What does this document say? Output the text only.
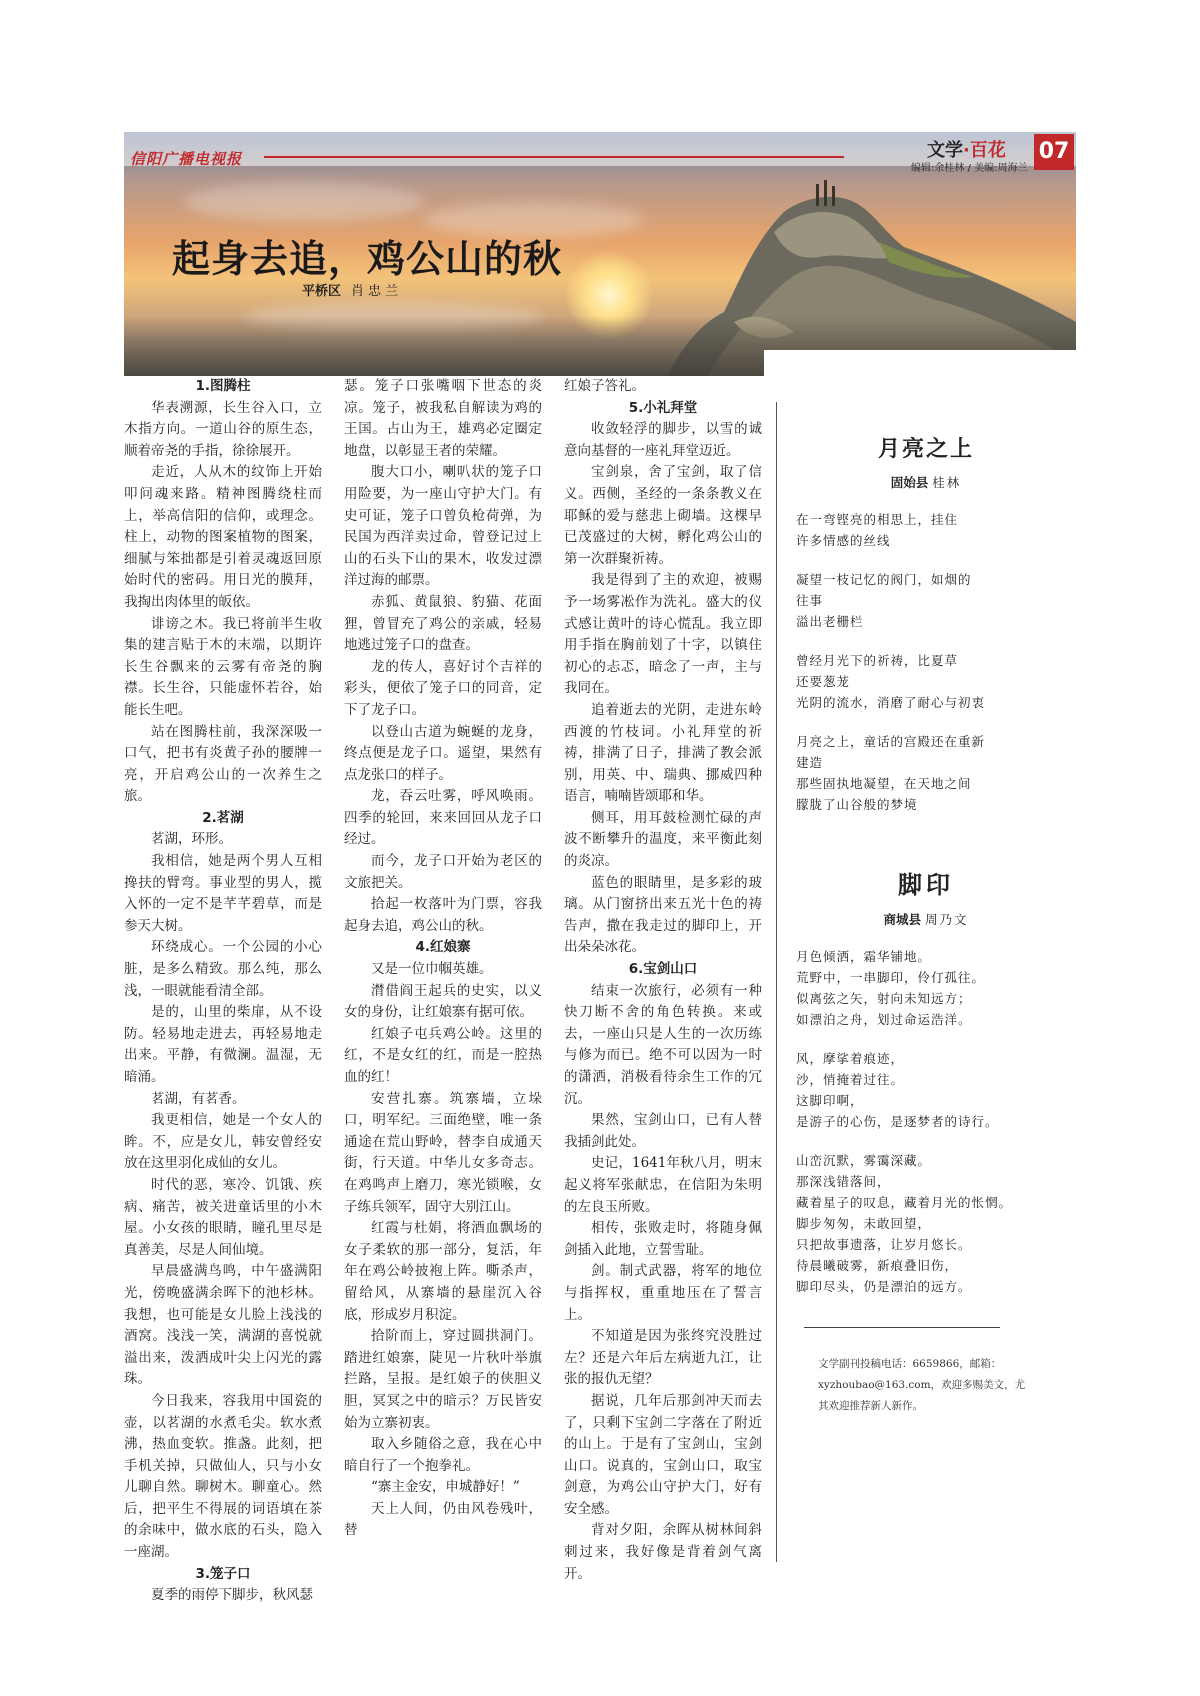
信阳广播电视报	文学·百花
编辑:余桂林 / 美编:周海兰
07
起身去追，鸡公山的秋
平桥区 肖忠兰
1.图腾柱

华表溯源，长生谷入口，立木指方向。一道山谷的原生态，顺着帝尧的手指，徐徐展开。

走近，人从木的纹饰上开始叩问魂来路。精神图腾绕柱而上，举高信阳的信仰，或理念。柱上，动物的图案植物的图案，细腻与笨拙都是引着灵魂返回原始时代的密码。用日光的膜拜，我掏出肉体里的皈依。

诽谤之木。我已将前半生收集的建言贴于木的末端，以期许长生谷飘来的云雾有帝尧的胸襟。长生谷，只能虚怀若谷，始能长生吧。

站在图腾柱前，我深深吸一口气，把书有炎黄子孙的腰牌一亮，开启鸡公山的一次养生之旅。

2.茗湖

茗湖，环形。

我相信，她是两个男人互相搀扶的臂弯。事业型的男人，揽入怀的一定不是芊芊碧草，而是参天大树。

环绕成心。一个公园的小心脏，是多么精致。那么纯，那么浅，一眼就能看清全部。

是的，山里的柴扉，从不设防。轻易地走进去，再轻易地走出来。平静，有微澜。温湿，无暗涌。

茗湖，有茗香。

我更相信，她是一个女人的眸。不，应是女儿，韩安曾经安放在这里羽化成仙的女儿。

时代的恶，寒冷、饥饿、疾病、痛苦，被关进童话里的小木屋。小女孩的眼睛，瞳孔里尽是真善美，尽是人间仙境。

早晨盛满鸟鸣，中午盛满阳光，傍晚盛满余晖下的池杉林。我想，也可能是女儿脸上浅浅的酒窝。浅浅一笑，满湖的喜悦就溢出来，泼洒成叶尖上闪光的露珠。

今日我来，容我用中国瓷的壶，以茗湖的水煮毛尖。软水煮沸，热血变软。推盏。此刻，把手机关掉，只做仙人，只与小女儿聊自然。聊树木。聊童心。然后，把平生不得展的词语填在茶的余味中，做水底的石头，隐入一座湖。

3.笼子口

夏季的雨停下脚步，秋风瑟

瑟。笼子口张嘴咽下世态的炎凉。笼子，被我私自解读为鸡的王国。占山为王，雄鸡必定圈定地盘，以彰显王者的荣耀。

腹大口小，喇叭状的笼子口用险要，为一座山守护大门。有史可证，笼子口曾负枪荷弹，为民国为西洋卖过命，曾登记过上山的石头下山的果木，收发过漂洋过海的邮票。

赤狐、黄鼠狼、豹猫、花面狸，曾冒充了鸡公的亲戚，轻易地逃过笼子口的盘查。

龙的传人，喜好讨个吉祥的彩头，便依了笼子口的同音，定下了龙子口。

以登山古道为蜿蜒的龙身，终点便是龙子口。遥望，果然有点龙张口的样子。

龙，吞云吐雾，呼风唤雨。四季的轮回，来来回回从龙子口经过。

而今，龙子口开始为老区的文旅把关。

拾起一枚落叶为门票，容我起身去追，鸡公山的秋。

4.红娘寨

又是一位巾帼英雄。

潸借阎王起兵的史实，以义女的身份，让红娘寨有据可依。

红娘子屯兵鸡公岭。这里的红，不是女红的红，而是一腔热血的红！

安营扎寨。筑寨墙，立垛口，明军纪。三面绝壁，唯一条通途在荒山野岭，替李自成通天街，行天道。中华儿女多奇志。在鸡鸣声上磨刀，寒光锁喉，女子练兵领军，固守大别江山。

红霞与杜娟，将酒血飘场的女子柔软的那一部分，复活，年年在鸡公岭披袍上阵。嘶杀声，留给风，从寨墙的悬崖沉入谷底，形成岁月积淀。

拾阶而上，穿过圆拱洞门。踏进红娘寨，陡见一片秋叶举旗拦路，呈报。是红娘子的侠胆义胆，冥冥之中的暗示？万民皆安始为立寨初衷。

取入乡随俗之意，我在心中暗自行了一个抱拳礼。

“寨主金安，申城静好！”

天上人间，仍由风卷残叶，替

红娘子答礼。

5.小礼拜堂

收敛轻浮的脚步，以雪的诚意向基督的一座礼拜堂迈近。

宝剑泉，舍了宝剑，取了信义。西侧，圣经的一条条教义在耶稣的爱与慈悲上砌墙。这棵早已茂盛过的大树，孵化鸡公山的第一次群聚祈祷。

我是得到了主的欢迎，被赐予一场雾凇作为洗礼。盛大的仪式感让黄叶的诗心慌乱。我立即用手指在胸前划了十字，以镇住初心的忐忑，暗念了一声，主与我同在。

追着逝去的光阴，走进东岭西渡的竹枝词。小礼拜堂的祈祷，排满了日子，排满了教会派别，用英、中、瑞典、挪威四种语言，喃喃皆颂耶和华。

侧耳，用耳鼓检测忙碌的声波不断攀升的温度，来平衡此刻的炎凉。

蓝色的眼睛里，是多彩的玻璃。从门窗挤出来五光十色的祷告声，撒在我走过的脚印上，开出朵朵冰花。

6.宝剑山口

结束一次旅行，必须有一种快刀断不舍的角色转换。来或去，一座山只是人生的一次历练与修为而已。绝不可以因为一时的潇洒，消极看待余生工作的冗沉。

果然，宝剑山口，已有人替我插剑此处。

史记，1641年秋八月，明末起义将军张献忠，在信阳为朱明的左良玉所败。

相传，张败走时，将随身佩剑插入此地，立誓雪耻。

剑。制式武器，将军的地位与指挥权，重重地压在了誓言上。

不知道是因为张终究没胜过左？还是六年后左病逝九江，让张的报仇无望？

据说，几年后那剑冲天而去了，只剩下宝剑二字落在了附近的山上。于是有了宝剑山，宝剑山口。说真的，宝剑山口，取宝剑意，为鸡公山守护大门，好有安全感。

背对夕阳，余晖从树林间斜刺过来，我好像是背着剑气离开。

月亮之上
固始县 桂林
在一弯铿亮的相思上，挂住
许多情感的丝线
凝望一枝记忆的阀门，如烟的
往事
溢出老栅栏
曾经月光下的祈祷，比夏草
还要葱茏
光阴的流水，消磨了耐心与初衷
月亮之上，童话的宫殿还在重新
建造
那些固执地凝望，在天地之间
朦胧了山谷般的梦境
脚印
商城县 周乃文
月色倾洒，霜华铺地。
荒野中，一串脚印，伶仃孤往。
似离弦之矢，射向未知远方；
如漂泊之舟，划过命运浩洋。
风，摩挲着痕迹，
沙，悄掩着过往。
这脚印啊，
是游子的心伤，是逐梦者的诗行。
山峦沉默，雾霭深藏。
那深浅错落间，
藏着星子的叹息，藏着月光的怅惘。
脚步匆匆，未敢回望，
只把故事遗落，让岁月悠长。
待晨曦破雾，新痕叠旧伤，
脚印尽头，仍是漂泊的远方。
文学副刊投稿电话：6659866，邮箱：
xyzhoubao@163.com，欢迎多赐美文，尤
其欢迎推荐新人新作。
